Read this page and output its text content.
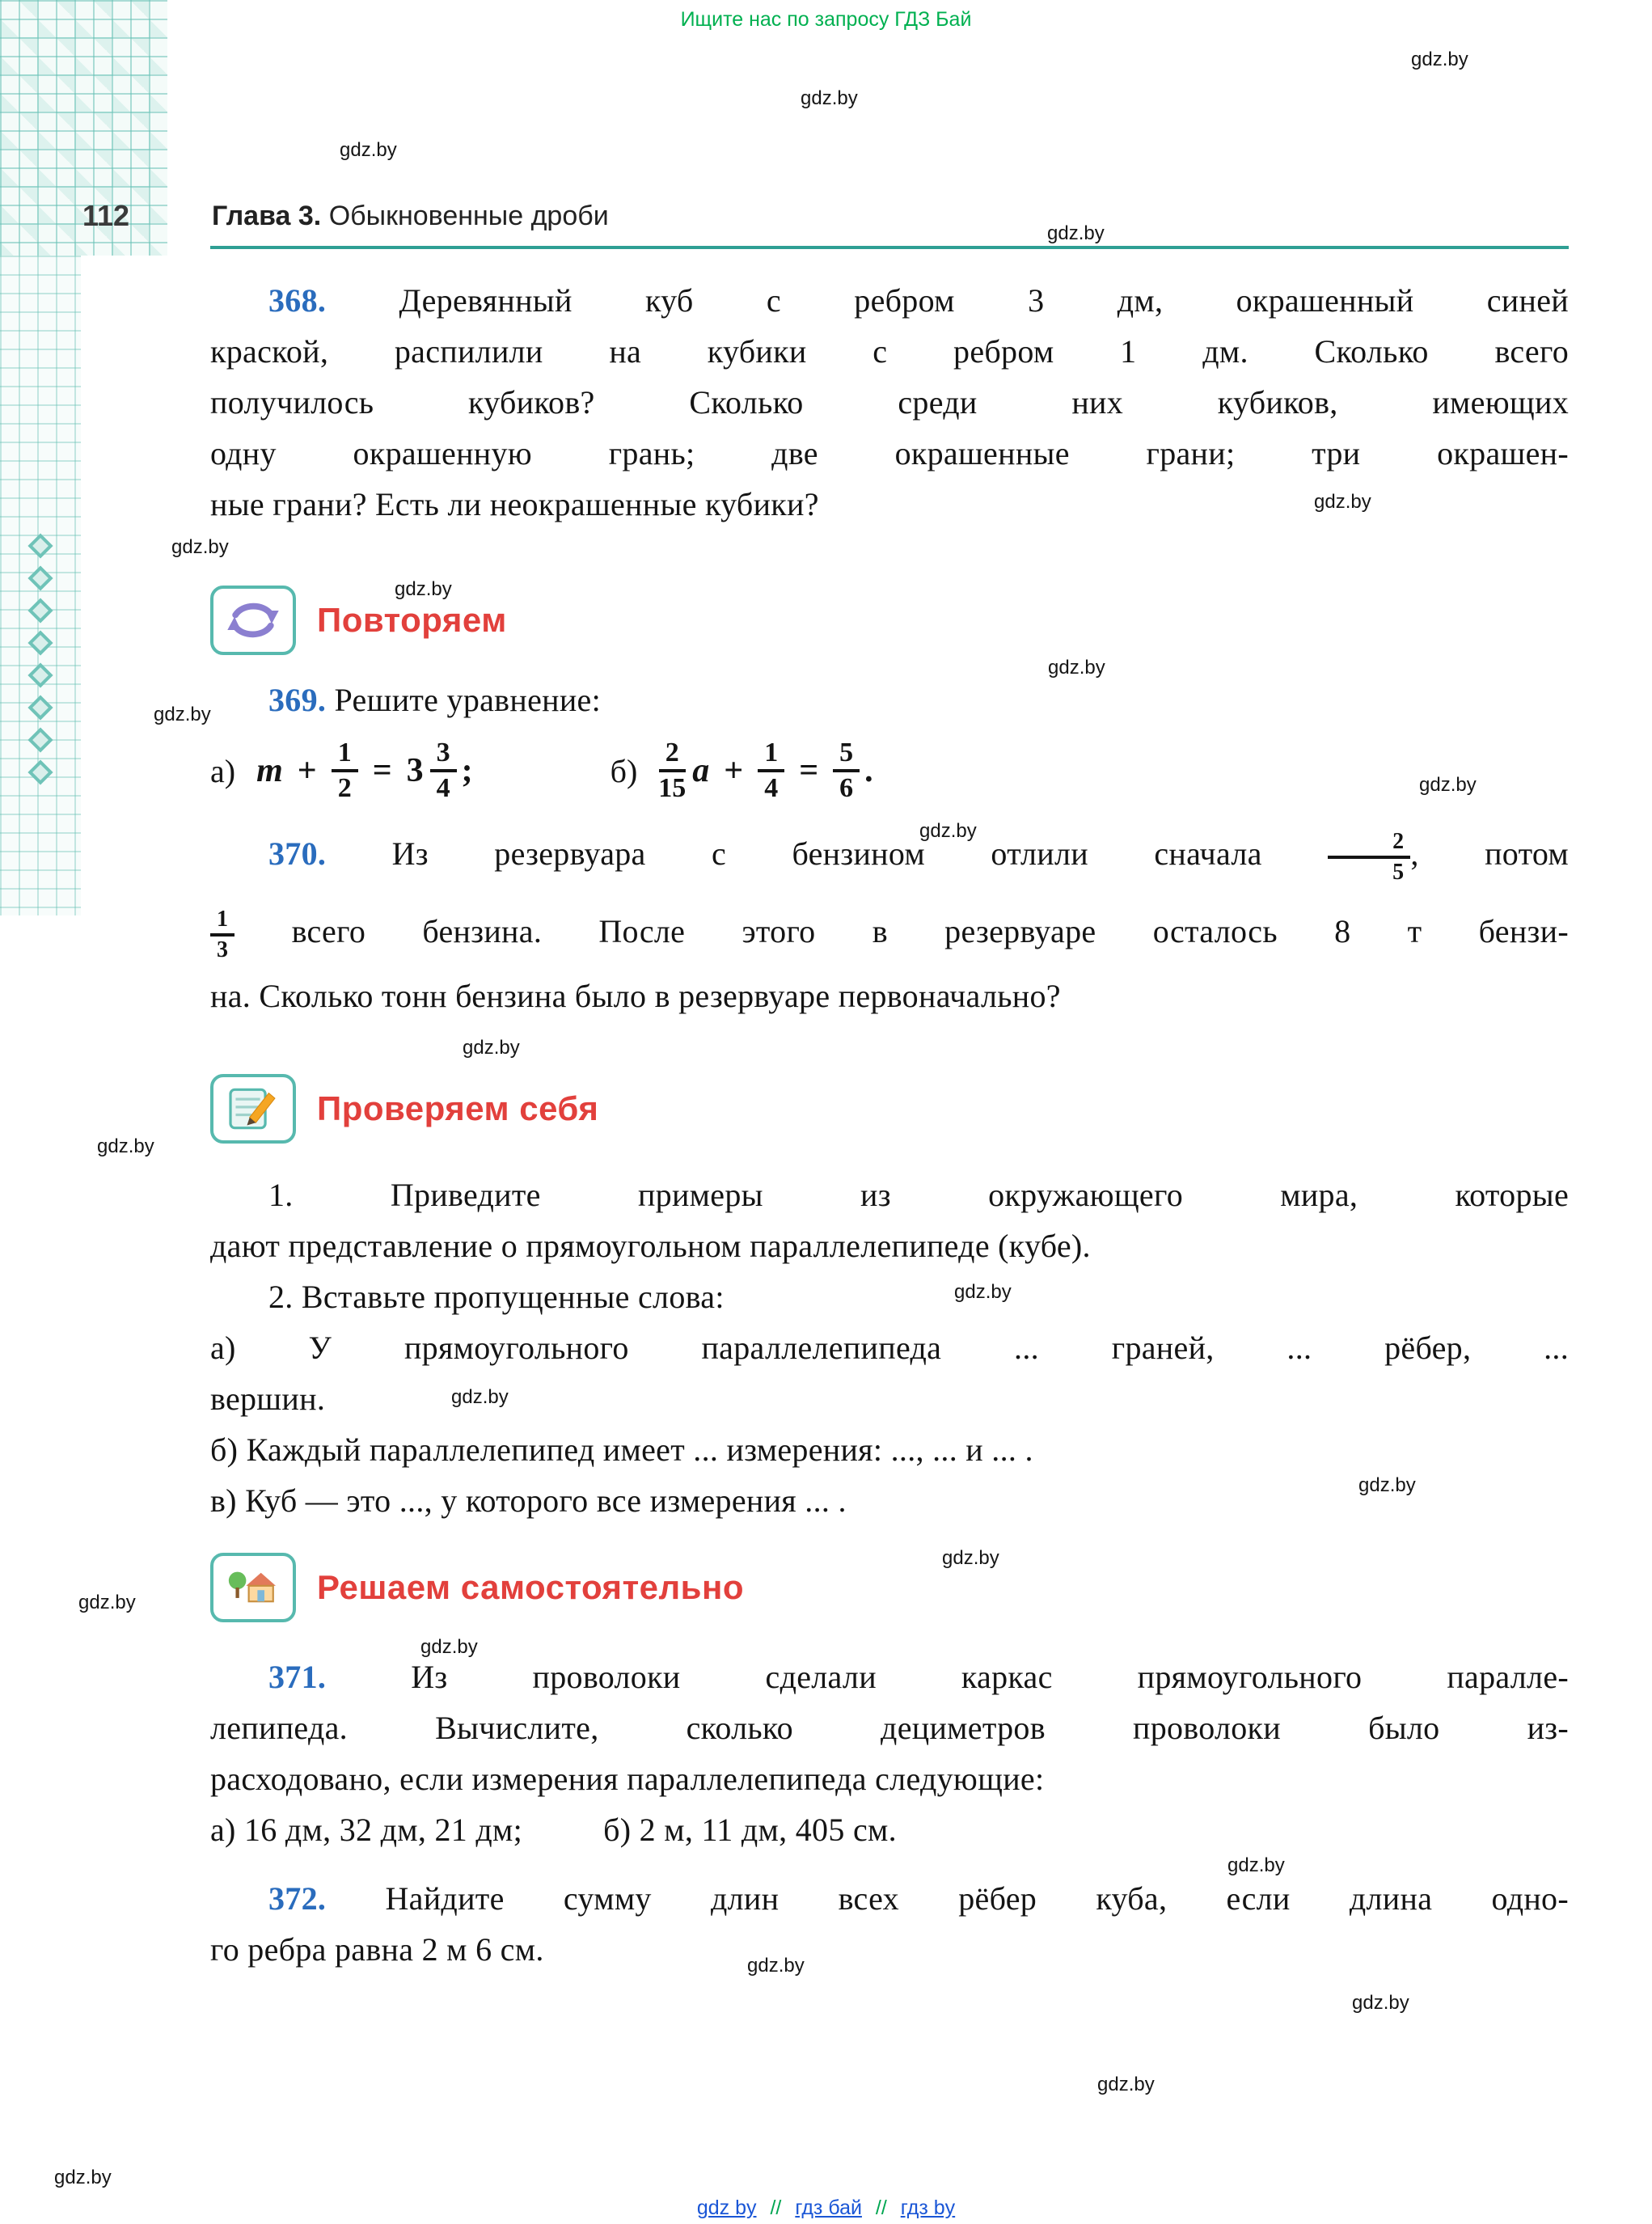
Ищите нас по запросу ГДЗ Бай
112	Глава 3. Обыкновенные дроби
368. Деревянный куб с ребром 3 дм, окрашенный синей
краской, распилили на кубики с ребром 1 дм. Сколько всего
получилось кубиков? Сколько среди них кубиков, имеющих
одну окрашенную грань; две окрашенные грани; три окрашен-
ные грани? Есть ли неокрашенные кубики?
Повторяем
369. Решите уравнение:
а) $m + \frac{1}{2} = 3 \frac{3}{4}$ ;	$б) \frac{2}{15}$ $a + \frac{1}{4} = \frac{5}{6}$ .
370. Из резервуара с бензином отлили сначала	$\frac{2}{5}$ , потом
$\frac{1}{3}$ всего бензина. После этого в резервуаре осталось 8 т бензи-
на. Сколько тонн бензина было в резервуаре первоначально?
Проверяем себя
1. Приведите примеры из окружающего мира, которые
дают представление о прямоугольном параллелепипеде (кубе).
2. Вставьте пропущенные слова:
а) У прямоугольного параллелепипеда ... граней, ... рёбер, ...
вершин.
б) Каждый параллелепипед имеет ... измерения: ..., ... и ... .
в) Куб — это ..., у которого все измерения ... .
Решаем самостоятельно
371.	Из проволоки сделали каркас прямоугольного паралле-
лепипеда. Вычислите, сколько дециметров проволоки было из-
расходовано, если измерения параллелепипеда следующие:
а) 16 дм, 32 дм, 21 дм;	б) 2 м, 11 дм, 405 см.
372. Найдите сумму длин всех рёбер куба, если длина одно-
го ребра равна 2 м 6 см.
gdz.by
gdz.by
gdz.by
gdz.by
gdz.by
gdz.by
gdz.by
gdz.by
gdz.by
gdz.by
gdz.by
gdz.by
gdz.by
gdz.by
gdz.by
gdz.by
gdz.by
gdz.by
gdz.by
gdz.by
gdz.by
gdz.by
gdz.by
gdz.by
gdz by // гдз бай // гдз by
